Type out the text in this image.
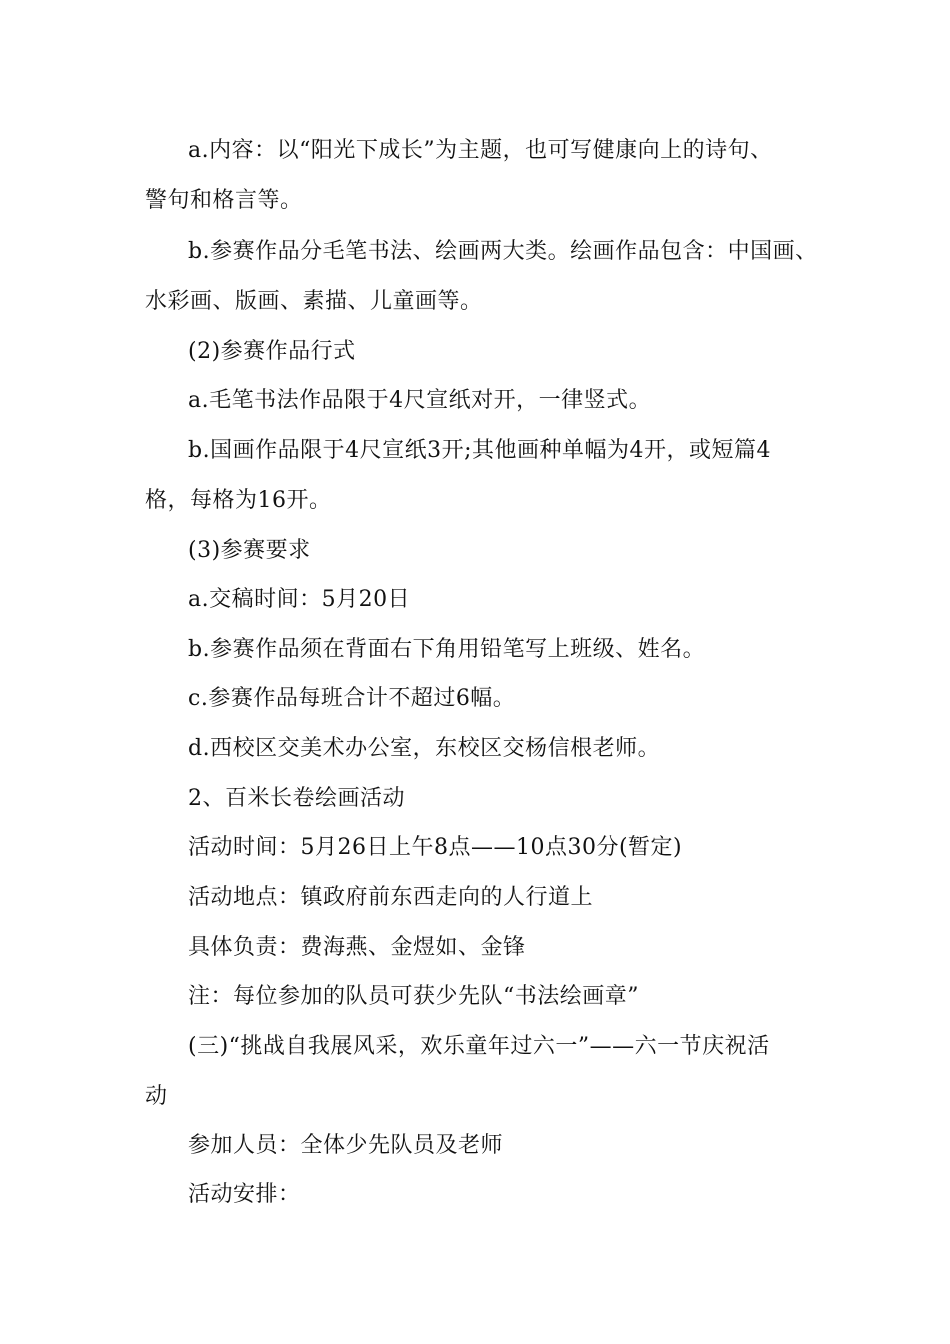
a.内容：以“阳光下成长”为主题，也可写健康向上的诗句、
警句和格言等。
b.参赛作品分毛笔书法、绘画两大类。绘画作品包含：中国画、
水彩画、版画、素描、儿童画等。
(2)参赛作品行式
a.毛笔书法作品限于4尺宣纸对开，一律竖式。
b.国画作品限于4尺宣纸3开;其他画种单幅为4开，或短篇4
格，每格为16开。
(3)参赛要求
a.交稿时间：5月20日
b.参赛作品须在背面右下角用铅笔写上班级、姓名。
c.参赛作品每班合计不超过6幅。
d.西校区交美术办公室，东校区交杨信根老师。
2、百米长卷绘画活动
活动时间：5月26日上午8点——10点30分(暂定)
活动地点：镇政府前东西走向的人行道上
具体负责：费海燕、金煜如、金锋
注：每位参加的队员可获少先队“书法绘画章”
(三)“挑战自我展风采，欢乐童年过六一”——六一节庆祝活
动
参加人员：全体少先队员及老师
活动安排：
